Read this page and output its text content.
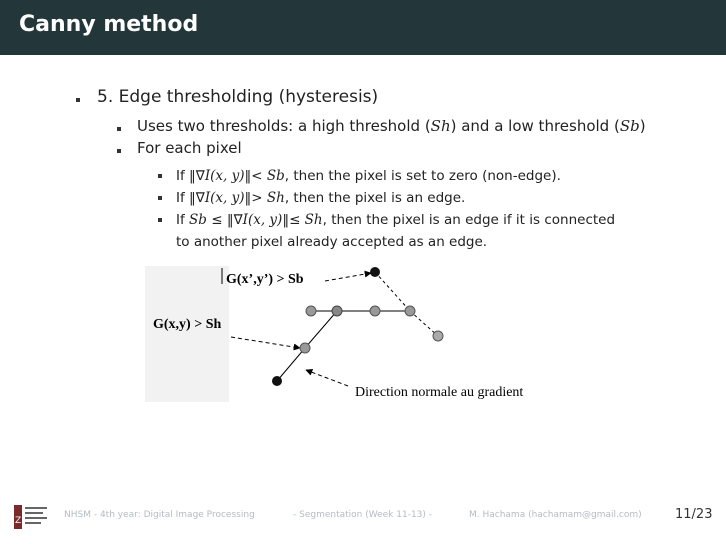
Canny method
5. Edge thresholding (hysteresis)
Uses two thresholds: a high threshold (Sh) and a low threshold (Sb)
For each pixel
If ‖∇I(x, y)‖< Sb, then the pixel is set to zero (non-edge).
If ‖∇I(x, y)‖> Sh, then the pixel is an edge.
If Sb ≤ ‖∇I(x, y)‖≤ Sh, then the pixel is an edge if it is connected
to another pixel already accepted as an edge.
G(x’,y’) > Sb
G(x,y) > Sh
Direction normale au gradient
Z
NHSM - 4th year: Digital Image Processing	- Segmentation (Week 11-13) -	M. Hachama (hachamam@gmail.com)	11/23
